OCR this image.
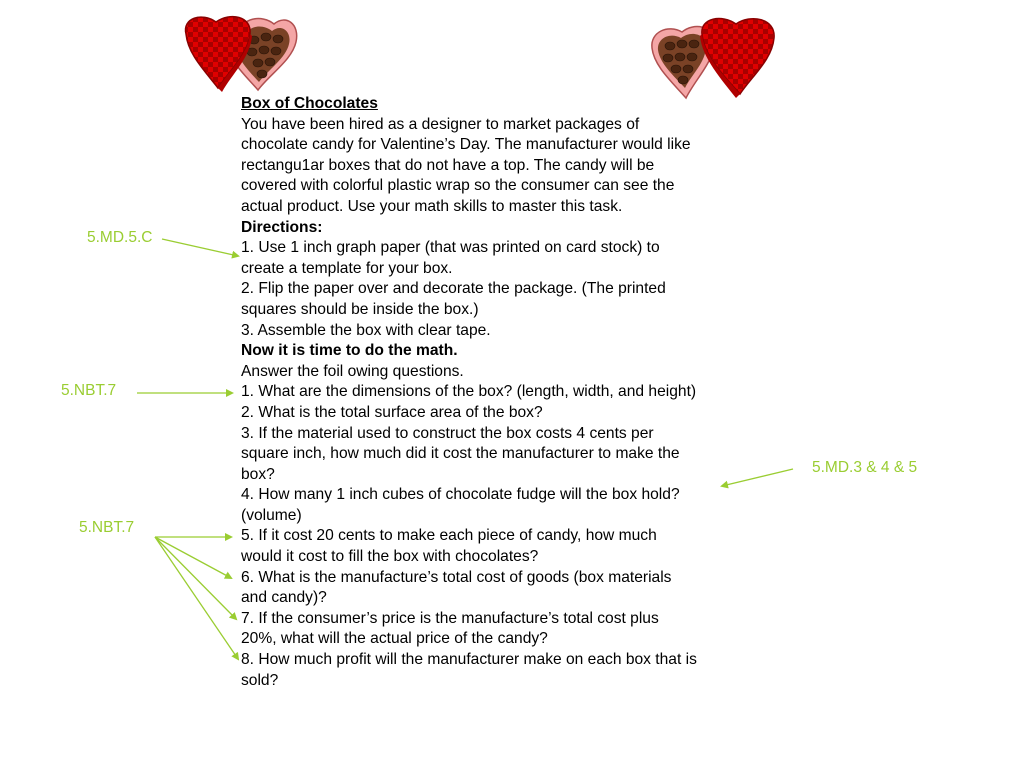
Box of Chocolates
You have been hired as a designer to market packages of
chocolate candy for Valentine’s Day. The manufacturer would like
rectangu1ar boxes that do not have a top. The candy will be
covered with colorful plastic wrap so the consumer can see the
actual product. Use your math skills to master this task.
Directions:
1. Use 1 inch graph paper (that was printed on card stock) to
create a template for your box.
2. Flip the paper over and decorate the package. (The printed
squares should be inside the box.)
3. Assemble the box with clear tape.
Now it is time to do the math.
Answer the foil owing questions.
1. What are the dimensions of the box? (length, width, and height)
2. What is the total surface area of the box?
3. If the material used to construct the box costs 4 cents per
square inch, how much did it cost the manufacturer to make the
box?
4. How many 1 inch cubes of chocolate fudge will the box hold?
(volume)
5. If it cost 20 cents to make each piece of candy, how much
would it cost to fill the box with chocolates?
6. What is the manufacture’s total cost of goods (box materials
and candy)?
7. If the consumer’s price is the manufacture’s total cost plus
20%, what will the actual price of the candy?
8. How much profit will the manufacturer make on each box that is
sold?
5.MD.5.C
5.NBT.7
5.MD.3 & 4 & 5
5.NBT.7
